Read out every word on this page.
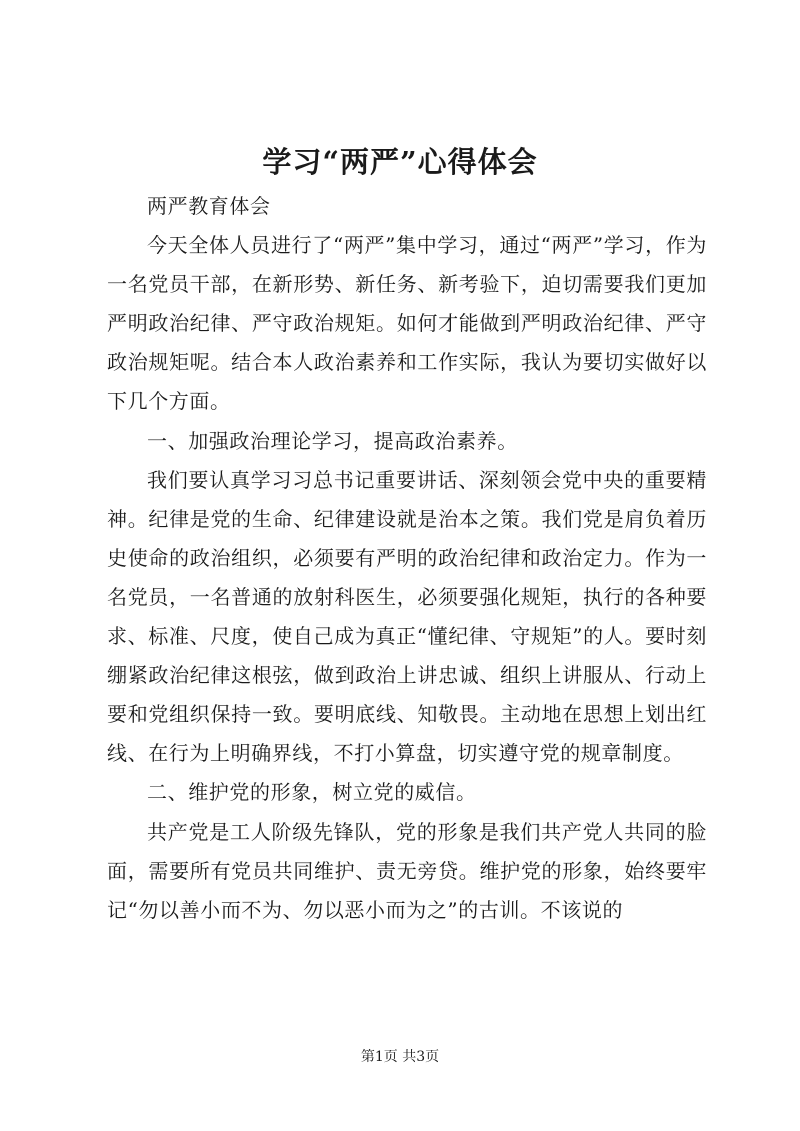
学习“两严”心得体会

两严教育体会

今天全体人员进行了“两严”集中学习，通过“两严”学习，作为一名党员干部，在新形势、新任务、新考验下，迫切需要我们更加严明政治纪律、严守政治规矩。如何才能做到严明政治纪律、严守政治规矩呢。结合本人政治素养和工作实际，我认为要切实做好以下几个方面。

一、加强政治理论学习，提高政治素养。

我们要认真学习习总书记重要讲话、深刻领会党中央的重要精神。纪律是党的生命、纪律建设就是治本之策。我们党是肩负着历史使命的政治组织，必须要有严明的政治纪律和政治定力。作为一名党员，一名普通的放射科医生，必须要强化规矩，执行的各种要求、标准、尺度，使自己成为真正“懂纪律、守规矩”的人。要时刻绷紧政治纪律这根弦，做到政治上讲忠诚、组织上讲服从、行动上要和党组织保持一致。要明底线、知敬畏。主动地在思想上划出红线、在行为上明确界线，不打小算盘，切实遵守党的规章制度。

二、维护党的形象，树立党的威信。

共产党是工人阶级先锋队，党的形象是我们共产党人共同的脸面，需要所有党员共同维护、责无旁贷。维护党的形象，始终要牢记“勿以善小而不为、勿以恶小而为之”的古训。不该说的

第1页 共3页
